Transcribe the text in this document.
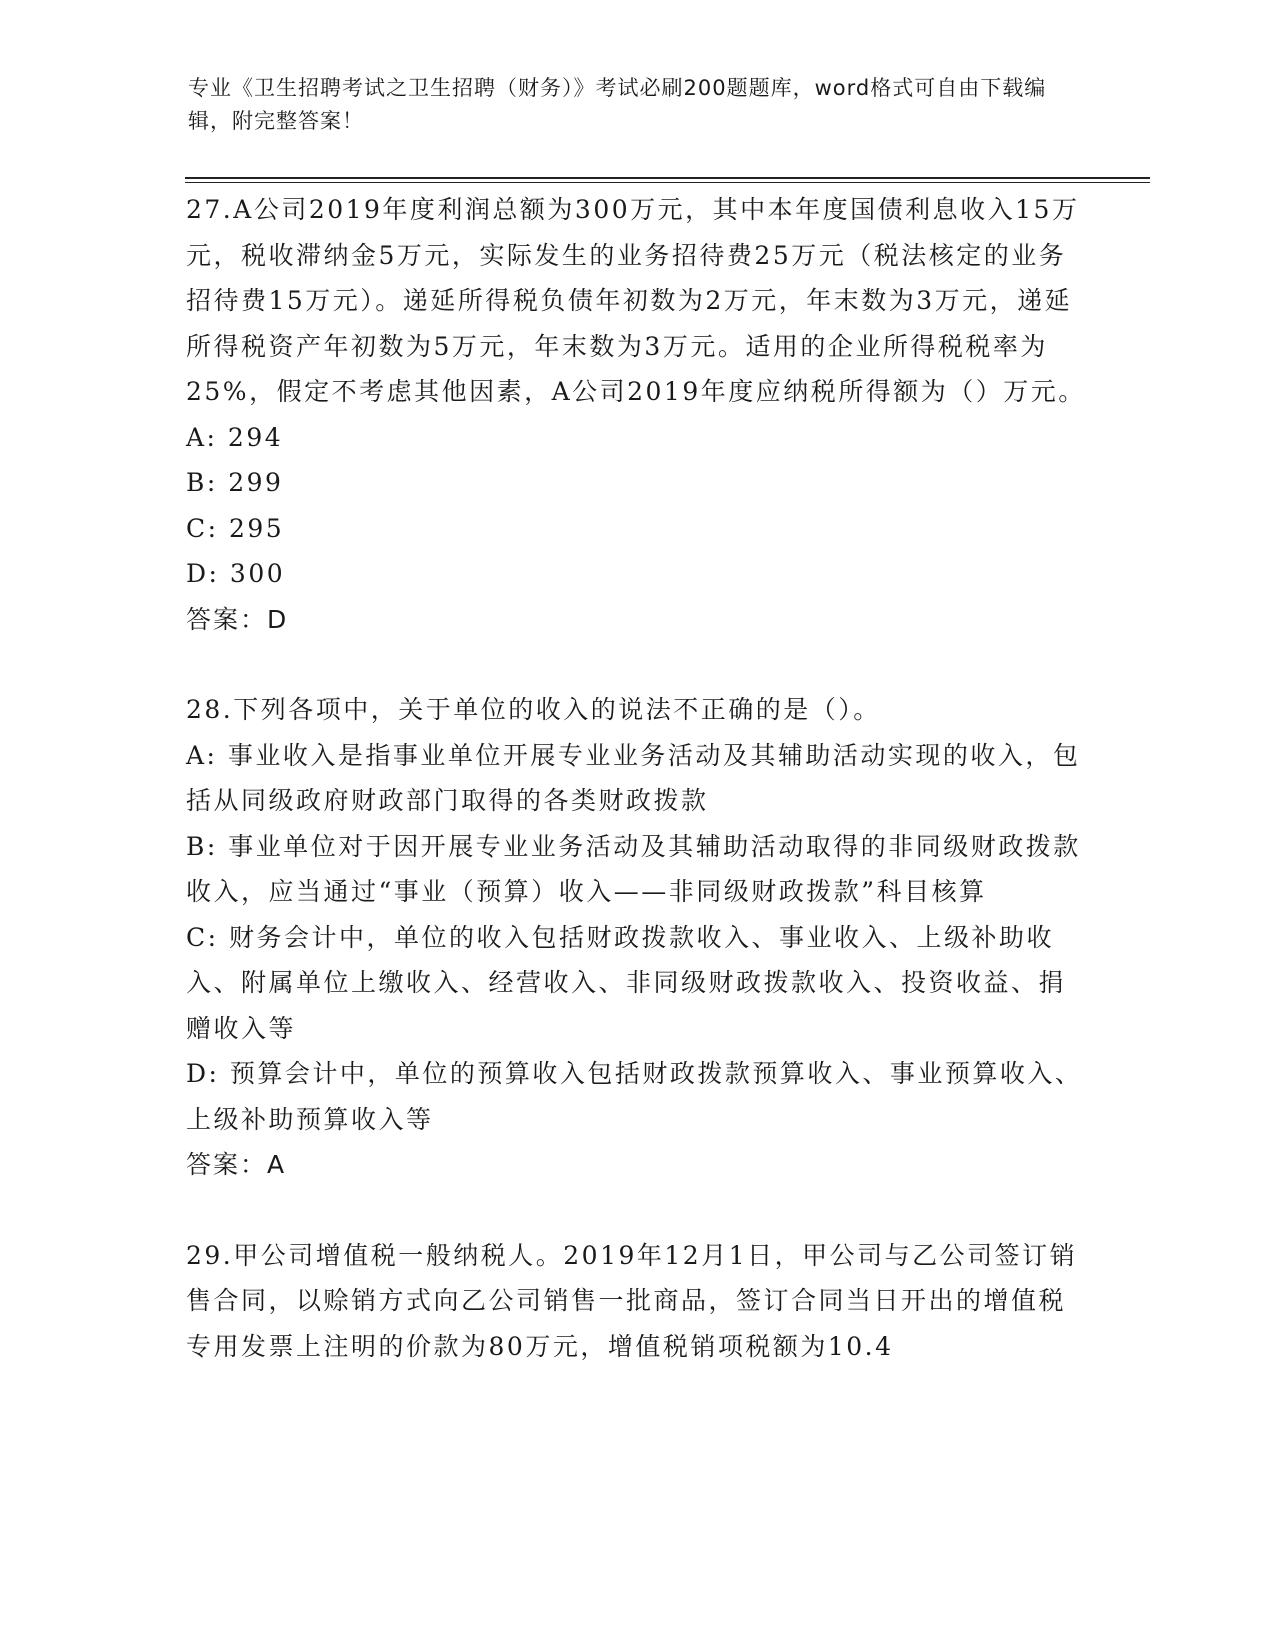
专业《卫生招聘考试之卫生招聘（财务）》考试必刷200题题库，word格式可自由下载编辑，附完整答案！

27.A公司2019年度利润总额为300万元，其中本年度国债利息收入15万元，税收滞纳金5万元，实际发生的业务招待费25万元（税法核定的业务招待费15万元）。递延所得税负债年初数为2万元，年末数为3万元，递延所得税资产年初数为5万元，年末数为3万元。适用的企业所得税税率为25%，假定不考虑其他因素，A公司2019年度应纳税所得额为（）万元。

A: 294

B: 299

C: 295

D: 300

答案：D

28.下列各项中，关于单位的收入的说法不正确的是（）。

A: 事业收入是指事业单位开展专业业务活动及其辅助活动实现的收入，包括从同级政府财政部门取得的各类财政拨款

B: 事业单位对于因开展专业业务活动及其辅助活动取得的非同级财政拨款收入，应当通过“事业（预算）收入——非同级财政拨款”科目核算

C: 财务会计中，单位的收入包括财政拨款收入、事业收入、上级补助收入、附属单位上缴收入、经营收入、非同级财政拨款收入、投资收益、捐赠收入等

D: 预算会计中，单位的预算收入包括财政拨款预算收入、事业预算收入、上级补助预算收入等

答案：A

29.甲公司增值税一般纳税人。2019年12月1日，甲公司与乙公司签订销售合同，以赊销方式向乙公司销售一批商品，签订合同当日开出的增值税专用发票上注明的价款为80万元，增值税销项税额为10.4
